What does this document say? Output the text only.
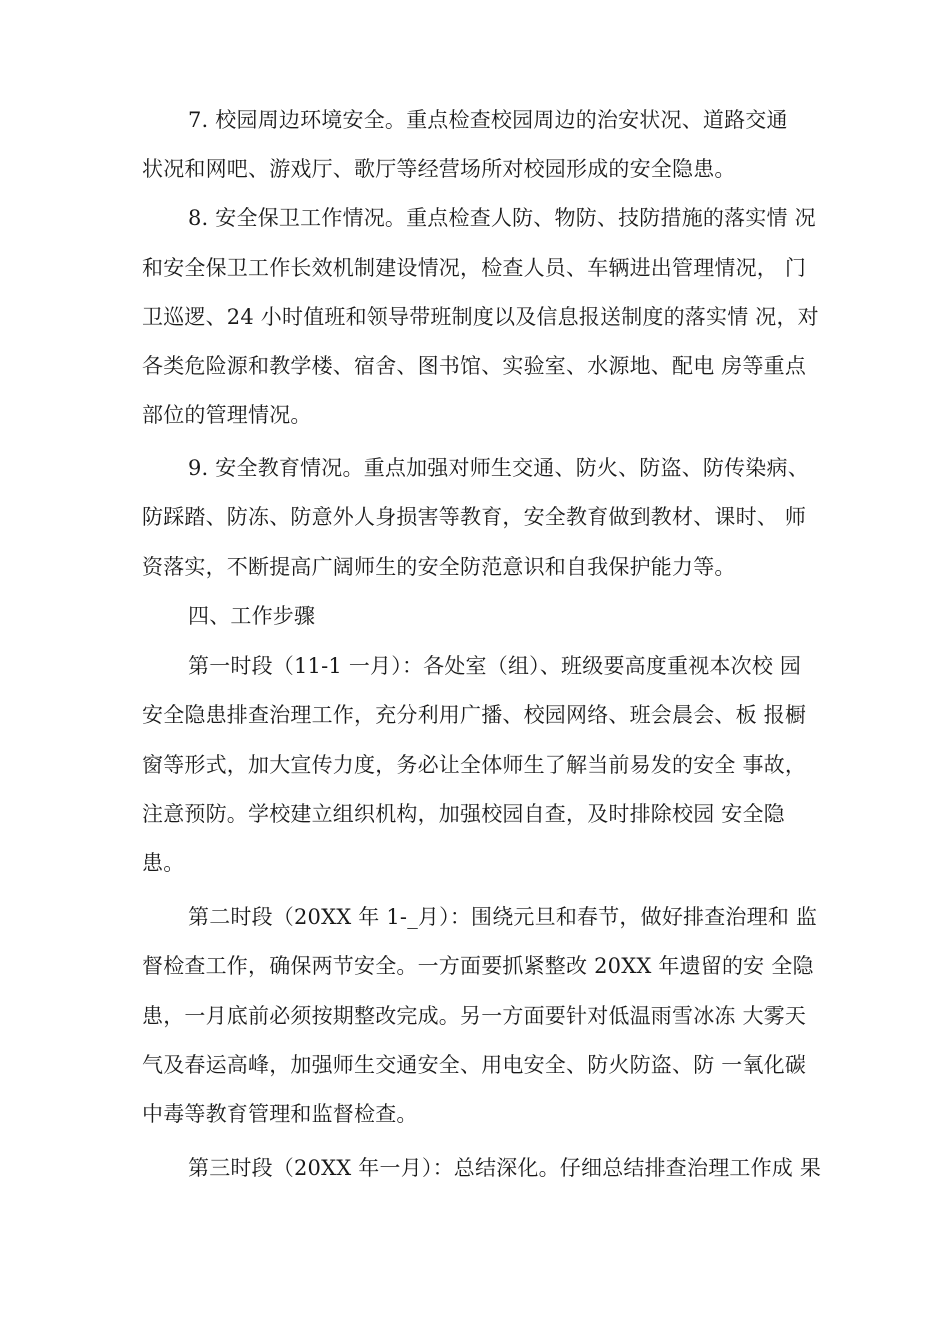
7. 校园周边环境安全。重点检查校园周边的治安状况、道路交通
状况和网吧、游戏厅、歌厅等经营场所对校园形成的安全隐患。
8. 安全保卫工作情况。重点检查人防、物防、技防措施的落实情 况
和安全保卫工作长效机制建设情况，检查人员、车辆进出管理情况， 门
卫巡逻、24 小时值班和领导带班制度以及信息报送制度的落实情 况，对
各类危险源和教学楼、宿舍、图书馆、实验室、水源地、配电 房等重点
部位的管理情况。
9. 安全教育情况。重点加强对师生交通、防火、防盗、防传染病、
防踩踏、防冻、防意外人身损害等教育，安全教育做到教材、课时、 师
资落实，不断提高广阔师生的安全防范意识和自我保护能力等。
四、工作步骤
第一时段（11-1 一月）：各处室（组）、班级要高度重视本次校 园
安全隐患排查治理工作，充分利用广播、校园网络、班会晨会、板 报橱
窗等形式，加大宣传力度，务必让全体师生了解当前易发的安全 事故，
注意预防。学校建立组织机构，加强校园自查，及时排除校园 安全隐
患。
第二时段（20XX 年 1-_月）：围绕元旦和春节，做好排查治理和 监
督检查工作，确保两节安全。一方面要抓紧整改 20XX 年遗留的安 全隐
患，一月底前必须按期整改完成。另一方面要针对低温雨雪冰冻 大雾天
气及春运高峰，加强师生交通安全、用电安全、防火防盗、防 一氧化碳
中毒等教育管理和监督检查。
第三时段（20XX 年一月）：总结深化。仔细总结排查治理工作成 果
